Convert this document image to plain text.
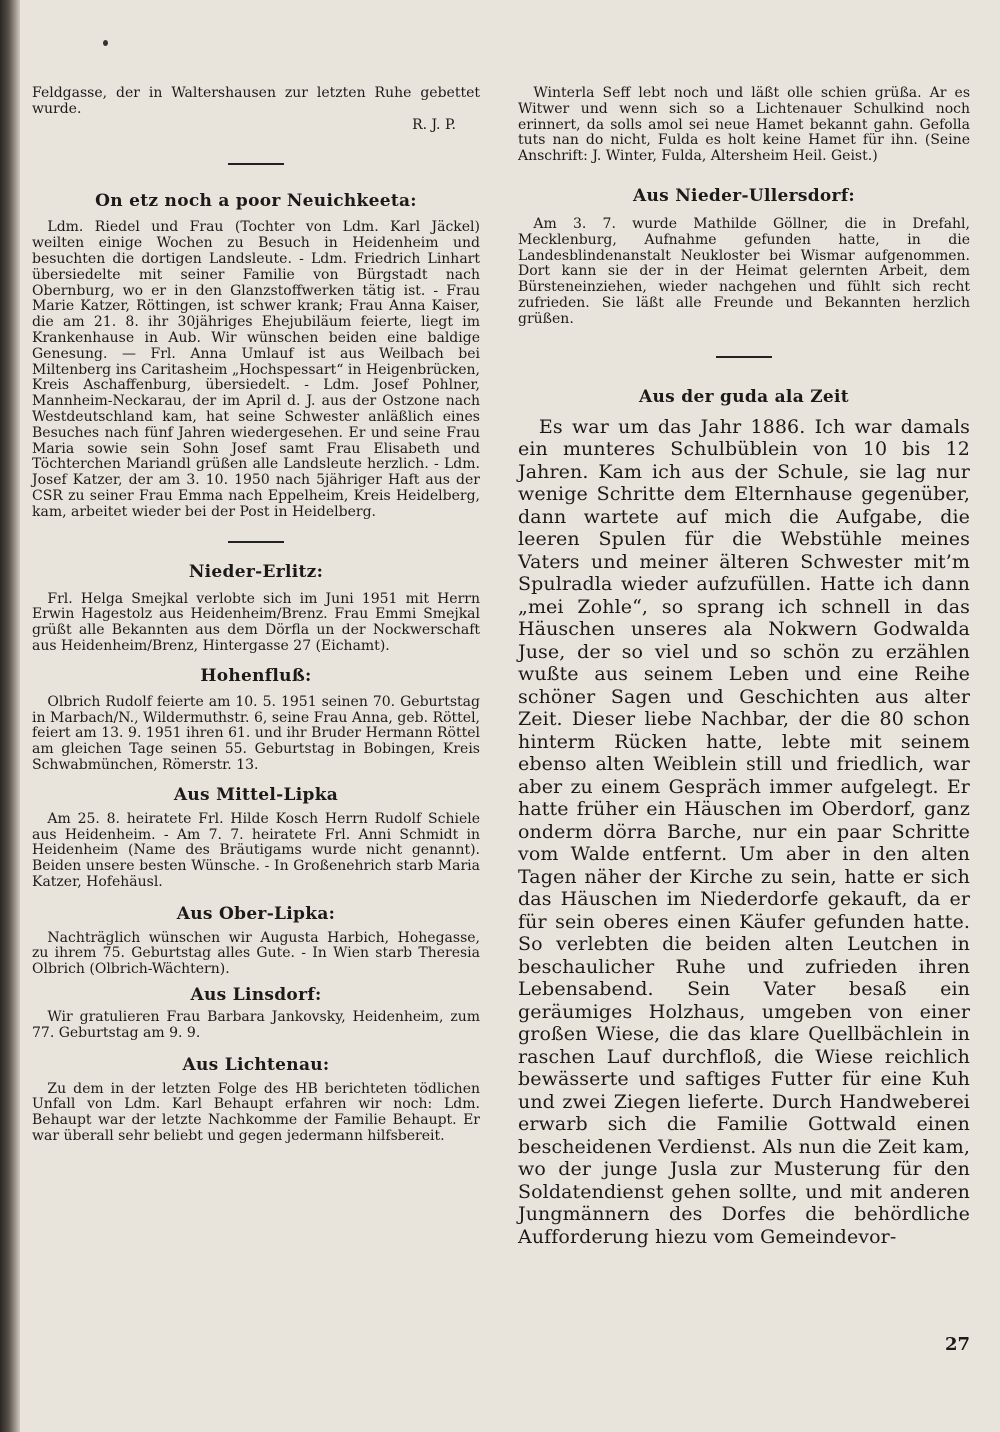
Feldgasse, der in Waltershausen zur letzten Ruhe gebettet wurde.

R. J. P.
On etz noch a poor Neuichkeeta:

Ldm. Riedel und Frau (Tochter von Ldm. Karl Jäckel) weilten einige Wochen zu Besuch in Heidenheim und besuchten die dortigen Landsleute. - Ldm. Friedrich Linhart übersiedelte mit seiner Familie von Bürgstadt nach Obernburg, wo er in den Glanzstoffwerken tätig ist. - Frau Marie Katzer, Röttingen, ist schwer krank; Frau Anna Kaiser, die am 21. 8. ihr 30jähriges Ehejubiläum feierte, liegt im Krankenhause in Aub. Wir wünschen beiden eine baldige Genesung. — Frl. Anna Umlauf ist aus Weilbach bei Miltenberg ins Caritasheim „Hochspessart“ in Heigenbrücken, Kreis Aschaffenburg, übersiedelt. - Ldm. Josef Pohlner, Mannheim-Neckarau, der im April d. J. aus der Ostzone nach Westdeutschland kam, hat seine Schwester anläßlich eines Besuches nach fünf Jahren wiedergesehen. Er und seine Frau Maria sowie sein Sohn Josef samt Frau Elisabeth und Töchterchen Mariandl grüßen alle Landsleute herzlich. - Ldm. Josef Katzer, der am 3. 10. 1950 nach 5jähriger Haft aus der CSR zu seiner Frau Emma nach Eppelheim, Kreis Heidelberg, kam, arbeitet wieder bei der Post in Heidelberg.

Nieder-Erlitz:

Frl. Helga Smejkal verlobte sich im Juni 1951 mit Herrn Erwin Hagestolz aus Heidenheim/Brenz. Frau Emmi Smejkal grüßt alle Bekannten aus dem Dörfla un der Nockwerschaft aus Heidenheim/Brenz, Hintergasse 27 (Eichamt).

Hohenfluß:

Olbrich Rudolf feierte am 10. 5. 1951 seinen 70. Geburtstag in Marbach/N., Wildermuthstr. 6, seine Frau Anna, geb. Röttel, feiert am 13. 9. 1951 ihren 61. und ihr Bruder Hermann Röttel am gleichen Tage seinen 55. Geburtstag in Bobingen, Kreis Schwabmünchen, Römerstr. 13.

Aus Mittel-Lipka

Am 25. 8. heiratete Frl. Hilde Kosch Herrn Rudolf Schiele aus Heidenheim. - Am 7. 7. heiratete Frl. Anni Schmidt in Heidenheim (Name des Bräutigams wurde nicht genannt). Beiden unsere besten Wünsche. - In Großenehrich starb Maria Katzer, Hofehäusl.

Aus Ober-Lipka:

Nachträglich wünschen wir Augusta Harbich, Hohegasse, zu ihrem 75. Geburtstag alles Gute. - In Wien starb Theresia Olbrich (Olbrich-Wächtern).

Aus Linsdorf:

Wir gratulieren Frau Barbara Jankovsky, Heidenheim, zum 77. Geburtstag am 9. 9.

Aus Lichtenau:

Zu dem in der letzten Folge des HB berichteten tödlichen Unfall von Ldm. Karl Behaupt erfahren wir noch: Ldm. Behaupt war der letzte Nachkomme der Familie Behaupt. Er war überall sehr beliebt und gegen jedermann hilfsbereit.

Winterla Seff lebt noch und läßt olle schien grüßa. Ar es Witwer und wenn sich so a Lichtenauer Schulkind noch erinnert, da solls amol sei neue Hamet bekannt gahn. Gefolla tuts nan do nicht, Fulda es holt keine Hamet für ihn. (Seine Anschrift: J. Winter, Fulda, Altersheim Heil. Geist.)

Aus Nieder-Ullersdorf:

Am 3. 7. wurde Mathilde Göllner, die in Drefahl, Mecklenburg, Aufnahme gefunden hatte, in die Landesblindenanstalt Neukloster bei Wismar aufgenommen. Dort kann sie der in der Heimat gelernten Arbeit, dem Bürsteneinziehen, wieder nachgehen und fühlt sich recht zufrieden. Sie läßt alle Freunde und Bekannten herzlich grüßen.

Aus der guda ala Zeit

Es war um das Jahr 1886. Ich war damals ein munteres Schulbüblein von 10 bis 12 Jahren. Kam ich aus der Schule, sie lag nur wenige Schritte dem Elternhause gegenüber, dann wartete auf mich die Aufgabe, die leeren Spulen für die Webstühle meines Vaters und meiner älteren Schwester mit’m Spulradla wieder aufzufüllen. Hatte ich dann „mei Zohle“, so sprang ich schnell in das Häuschen unseres ala Nokwern Godwalda Juse, der so viel und so schön zu erzählen wußte aus seinem Leben und eine Reihe schöner Sagen und Geschichten aus alter Zeit. Dieser liebe Nachbar, der die 80 schon hinterm Rücken hatte, lebte mit seinem ebenso alten Weiblein still und friedlich, war aber zu einem Gespräch immer aufgelegt. Er hatte früher ein Häuschen im Oberdorf, ganz onderm dörra Barche, nur ein paar Schritte vom Walde entfernt. Um aber in den alten Tagen näher der Kirche zu sein, hatte er sich das Häuschen im Niederdorfe gekauft, da er für sein oberes einen Käufer gefunden hatte. So verlebten die beiden alten Leutchen in beschaulicher Ruhe und zufrieden ihren Lebensabend. Sein Vater besaß ein geräumiges Holzhaus, umgeben von einer großen Wiese, die das klare Quellbächlein in raschen Lauf durchfloß, die Wiese reichlich bewässerte und saftiges Futter für eine Kuh und zwei Ziegen lieferte. Durch Handweberei erwarb sich die Familie Gottwald einen bescheidenen Verdienst. Als nun die Zeit kam, wo der junge Jusla zur Musterung für den Soldatendienst gehen sollte, und mit anderen Jungmännern des Dorfes die behördliche Aufforderung hiezu vom Gemeindevor-

27
